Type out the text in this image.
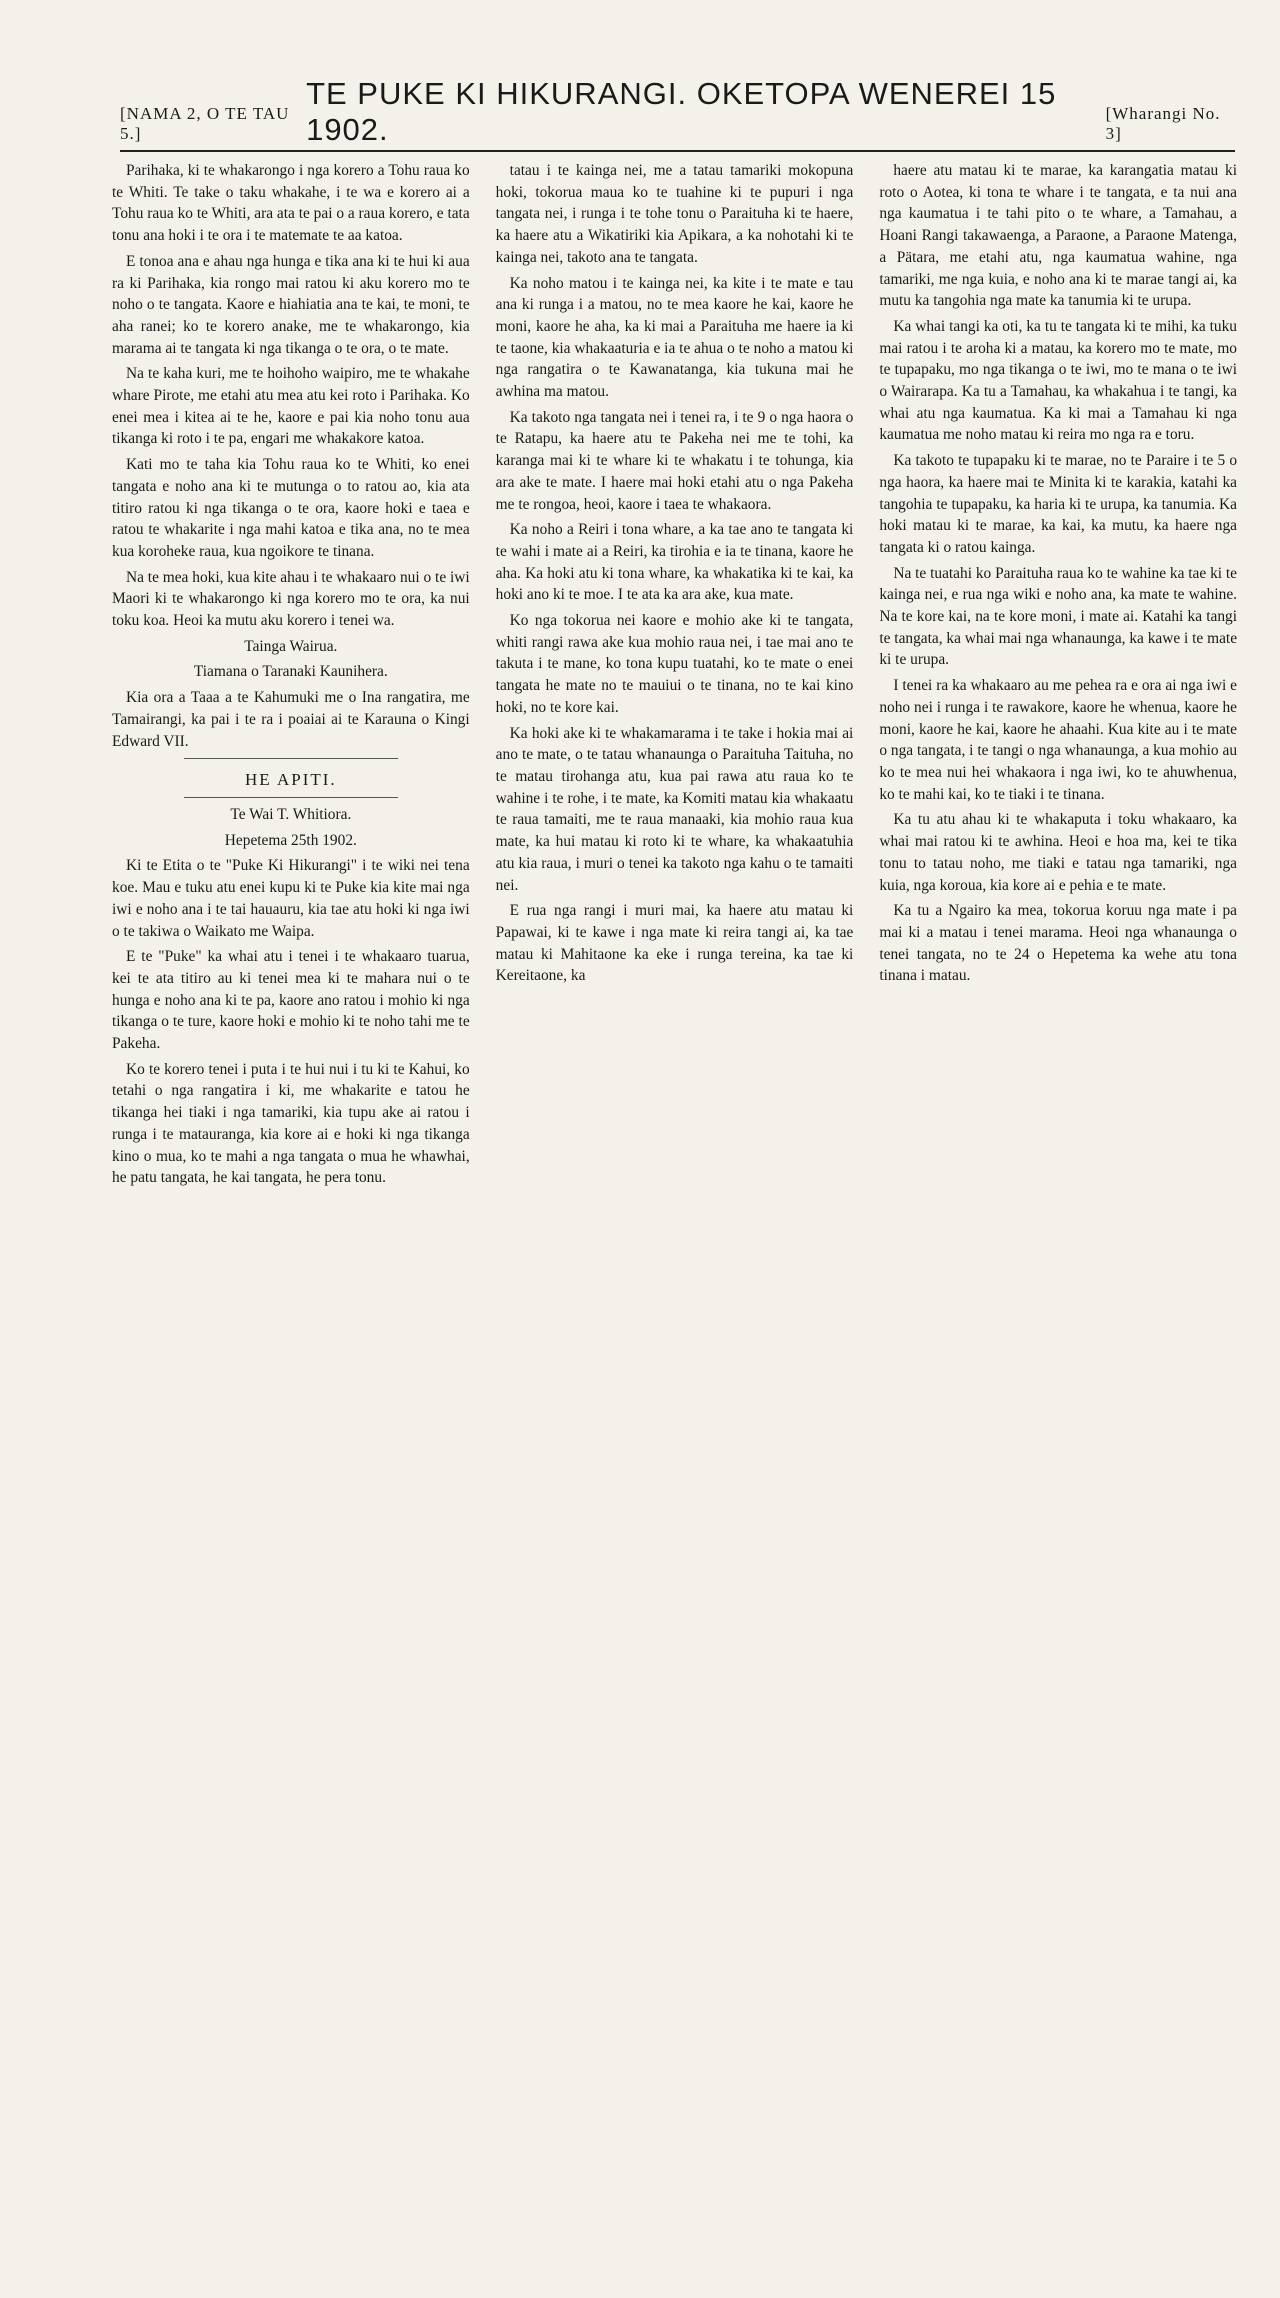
[NAMA 2, O TE TAU 5.]
TE PUKE KI HIKURANGI. OKETOPA WENEREI 15 1902.	[Wharangi No. 3]

Parihaka, ki te whakarongo i nga korero a Tohu raua ko te Whiti. Te take o taku whakahe, i te wa e korero ai a Tohu raua ko te Whiti, ara ata te pai o a raua korero, e tata tonu ana hoki i te ora i te matemate te aa katoa.

E tonoa ana e ahau nga hunga e tika ana ki te hui ki aua ra ki Parihaka, kia rongo mai ratou ki aku korero mo te noho o te tangata. Kaore e hiahiatia ana te kai, te moni, te aha ranei; ko te korero anake, me te whakarongo, kia marama ai te tangata ki nga tikanga o te ora, o te mate.

Na te kaha kuri, me te hoihoho waipiro, me te whakahe whare Pirote, me etahi atu mea atu kei roto i Parihaka. Ko enei mea i kitea ai te he, kaore e pai kia noho tonu aua tikanga ki roto i te pa, engari me whakakore katoa.

Kati mo te taha kia Tohu raua ko te Whiti, ko enei tangata e noho ana ki te mutunga o to ratou ao, kia ata titiro ratou ki nga tikanga o te ora, kaore hoki e taea e ratou te whakarite i nga mahi katoa e tika ana, no te mea kua koroheke raua, kua ngoikore te tinana.

Na te mea hoki, kua kite ahau i te whakaaro nui o te iwi Maori ki te whakarongo ki nga korero mo te ora, ka nui toku koa. Heoi ka mutu aku korero i tenei wa.

Tainga Wairua.

Tiamana o Taranaki Kaunihera.

Kia ora a Taaa a te Kahumuki me o Ina rangatira, me Tamairangi, ka pai i te ra i poaiai ai te Karauna o Kingi Edward VII.

HE APITI.

Te Wai T. Whitiora.

Hepetema 25th 1902.

Ki te Etita o te "Puke Ki Hikurangi" i te wiki nei tena koe. Mau e tuku atu enei kupu ki te Puke kia kite mai nga iwi e noho ana i te tai hauauru, kia tae atu hoki ki nga iwi o te takiwa o Waikato me Waipa.

E te "Puke" ka whai atu i tenei i te whakaaro tuarua, kei te ata titiro au ki tenei mea ki te mahara nui o te hunga e noho ana ki te pa, kaore ano ratou i mohio ki nga tikanga o te ture, kaore hoki e mohio ki te noho tahi me te Pakeha.

Ko te korero tenei i puta i te hui nui i tu ki te Kahui, ko tetahi o nga rangatira i ki, me whakarite e tatou he tikanga hei tiaki i nga tamariki, kia tupu ake ai ratou i runga i te matauranga, kia kore ai e hoki ki nga tikanga kino o mua, ko te mahi a nga tangata o mua he whawhai, he patu tangata, he kai tangata, he pera tonu.

tatau i te kainga nei, me a tatau tamariki mokopuna hoki, tokorua maua ko te tuahine ki te pupuri i nga tangata nei, i runga i te tohe tonu o Paraituha ki te haere, ka haere atu a Wikatiriki kia Apikara, a ka nohotahi ki te kainga nei, takoto ana te tangata.

Ka noho matou i te kainga nei, ka kite i te mate e tau ana ki runga i a matou, no te mea kaore he kai, kaore he moni, kaore he aha, ka ki mai a Paraituha me haere ia ki te taone, kia whakaaturia e ia te ahua o te noho a matou ki nga rangatira o te Kawanatanga, kia tukuna mai he awhina ma matou.

Ka takoto nga tangata nei i tenei ra, i te 9 o nga haora o te Ratapu, ka haere atu te Pakeha nei me te tohi, ka karanga mai ki te whare ki te whakatu i te tohunga, kia ara ake te mate. I haere mai hoki etahi atu o nga Pakeha me te rongoa, heoi, kaore i taea te whakaora.

Ka noho a Reiri i tona whare, a ka tae ano te tangata ki te wahi i mate ai a Reiri, ka tirohia e ia te tinana, kaore he aha. Ka hoki atu ki tona whare, ka whakatika ki te kai, ka hoki ano ki te moe. I te ata ka ara ake, kua mate.

Ko nga tokorua nei kaore e mohio ake ki te tangata, whiti rangi rawa ake kua mohio raua nei, i tae mai ano te takuta i te mane, ko tona kupu tuatahi, ko te mate o enei tangata he mate no te mauiui o te tinana, no te kai kino hoki, no te kore kai.

Ka hoki ake ki te whakamarama i te take i hokia mai ai ano te mate, o te tatau whanaunga o Paraituha Taituha, no te matau tirohanga atu, kua pai rawa atu raua ko te wahine i te rohe, i te mate, ka Komiti matau kia whakaatu te raua tamaiti, me te raua manaaki, kia mohio raua kua mate, ka hui matau ki roto ki te whare, ka whakaatuhia atu kia raua, i muri o tenei ka takoto nga kahu o te tamaiti nei.

E rua nga rangi i muri mai, ka haere atu matau ki Papawai, ki te kawe i nga mate ki reira tangi ai, ka tae matau ki Mahitaone ka eke i runga tereina, ka tae ki Kereitaone, ka

haere atu matau ki te marae, ka karangatia matau ki roto o Aotea, ki tona te whare i te tangata, e ta nui ana nga kaumatua i te tahi pito o te whare, a Tamahau, a Hoani Rangi takawaenga, a Paraone, a Paraone Matenga, a Pätara, me etahi atu, nga kaumatua wahine, nga tamariki, me nga kuia, e noho ana ki te marae tangi ai, ka mutu ka tangohia nga mate ka tanumia ki te urupa.

Ka whai tangi ka oti, ka tu te tangata ki te mihi, ka tuku mai ratou i te aroha ki a matau, ka korero mo te mate, mo te tupapaku, mo nga tikanga o te iwi, mo te mana o te iwi o Wairarapa. Ka tu a Tamahau, ka whakahua i te tangi, ka whai atu nga kaumatua. Ka ki mai a Tamahau ki nga kaumatua me noho matau ki reira mo nga ra e toru.

Ka takoto te tupapaku ki te marae, no te Paraire i te 5 o nga haora, ka haere mai te Minita ki te karakia, katahi ka tangohia te tupapaku, ka haria ki te urupa, ka tanumia. Ka hoki matau ki te marae, ka kai, ka mutu, ka haere nga tangata ki o ratou kainga.

Na te tuatahi ko Paraituha raua ko te wahine ka tae ki te kainga nei, e rua nga wiki e noho ana, ka mate te wahine. Na te kore kai, na te kore moni, i mate ai. Katahi ka tangi te tangata, ka whai mai nga whanaunga, ka kawe i te mate ki te urupa.

I tenei ra ka whakaaro au me pehea ra e ora ai nga iwi e noho nei i runga i te rawakore, kaore he whenua, kaore he moni, kaore he kai, kaore he ahaahi. Kua kite au i te mate o nga tangata, i te tangi o nga whanaunga, a kua mohio au ko te mea nui hei whakaora i nga iwi, ko te ahuwhenua, ko te mahi kai, ko te tiaki i te tinana.

Ka tu atu ahau ki te whakaputa i toku whakaaro, ka whai mai ratou ki te awhina. Heoi e hoa ma, kei te tika tonu to tatau noho, me tiaki e tatau nga tamariki, nga kuia, nga koroua, kia kore ai e pehia e te mate.

Ka tu a Ngairo ka mea, tokorua koruu nga mate i pa mai ki a matau i tenei marama. Heoi nga whanaunga o tenei tangata, no te 24 o Hepetema ka wehe atu tona tinana i matau.
